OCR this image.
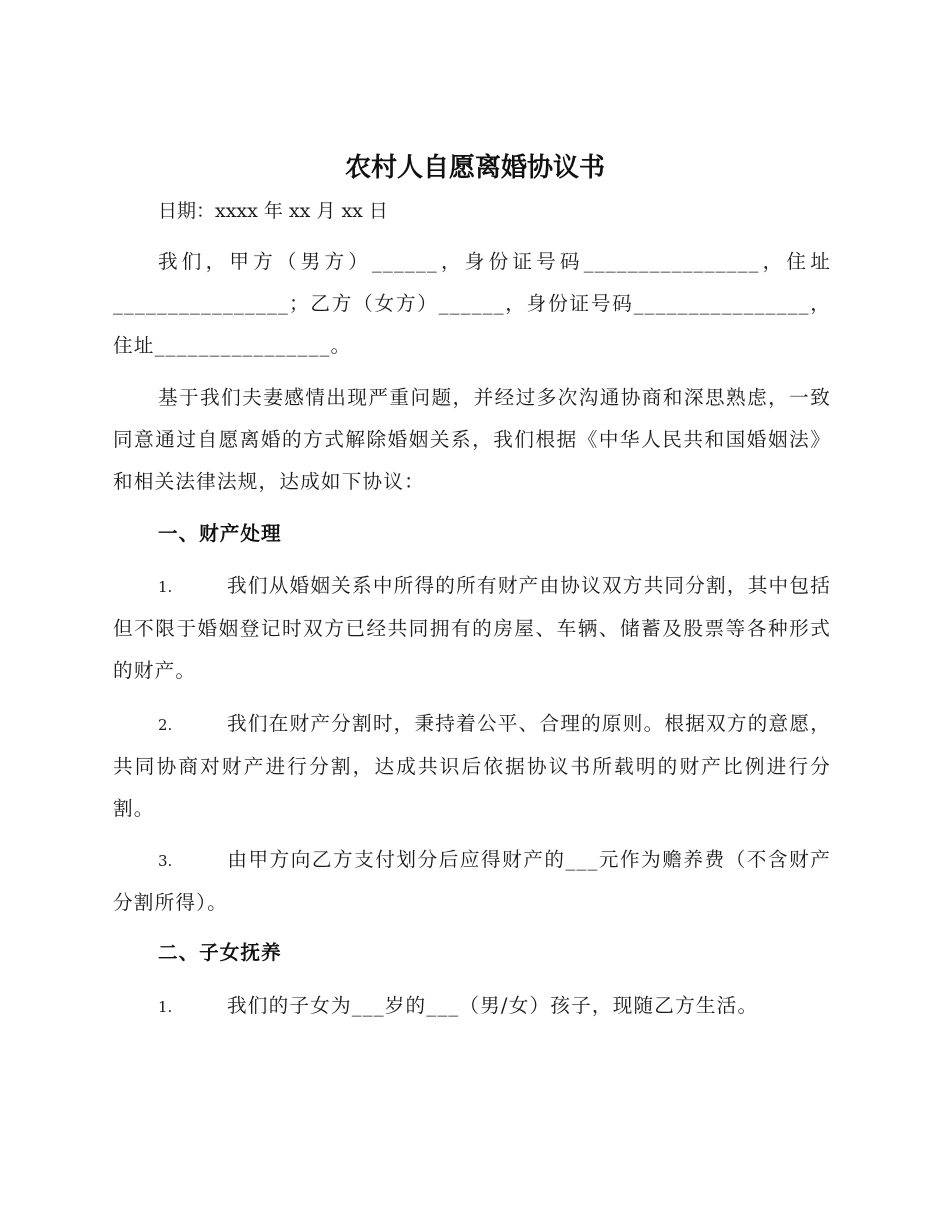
农村人自愿离婚协议书
日期：xxxx 年 xx 月 xx 日
我们，甲方（男方）______，身份证号码________________，住址________________；乙方（女方）______，身份证号码________________，住址________________。
基于我们夫妻感情出现严重问题，并经过多次沟通协商和深思熟虑，一致同意通过自愿离婚的方式解除婚姻关系，我们根据《中华人民共和国婚姻法》和相关法律法规，达成如下协议：
一、财产处理
1.	我们从婚姻关系中所得的所有财产由协议双方共同分割，其中包括但不限于婚姻登记时双方已经共同拥有的房屋、车辆、储蓄及股票等各种形式的财产。
2.	我们在财产分割时，秉持着公平、合理的原则。根据双方的意愿，共同协商对财产进行分割，达成共识后依据协议书所载明的财产比例进行分割。
3.	由甲方向乙方支付划分后应得财产的___元作为赡养费（不含财产分割所得）。
二、子女抚养
1.	我们的子女为___岁的___（男/女）孩子，现随乙方生活。
